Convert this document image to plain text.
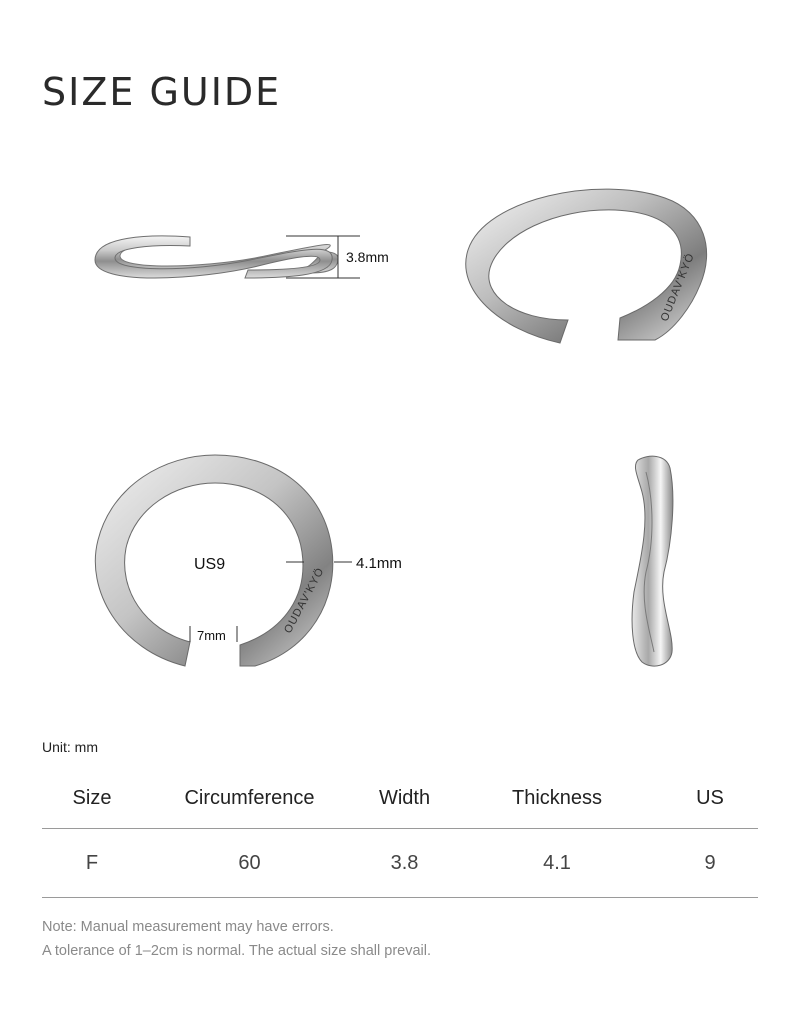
SIZE GUIDE
3.8mm	OUDAV'KYÖ
US9	4.1mm
OUDAV'KYÖ
7mm
Unit: mm
Size	Circumference	Width	Thickness	US
F	60	3.8	4.1	9
Note: Manual measurement may have errors.
A tolerance of 1–2cm is normal. The actual size shall prevail.
